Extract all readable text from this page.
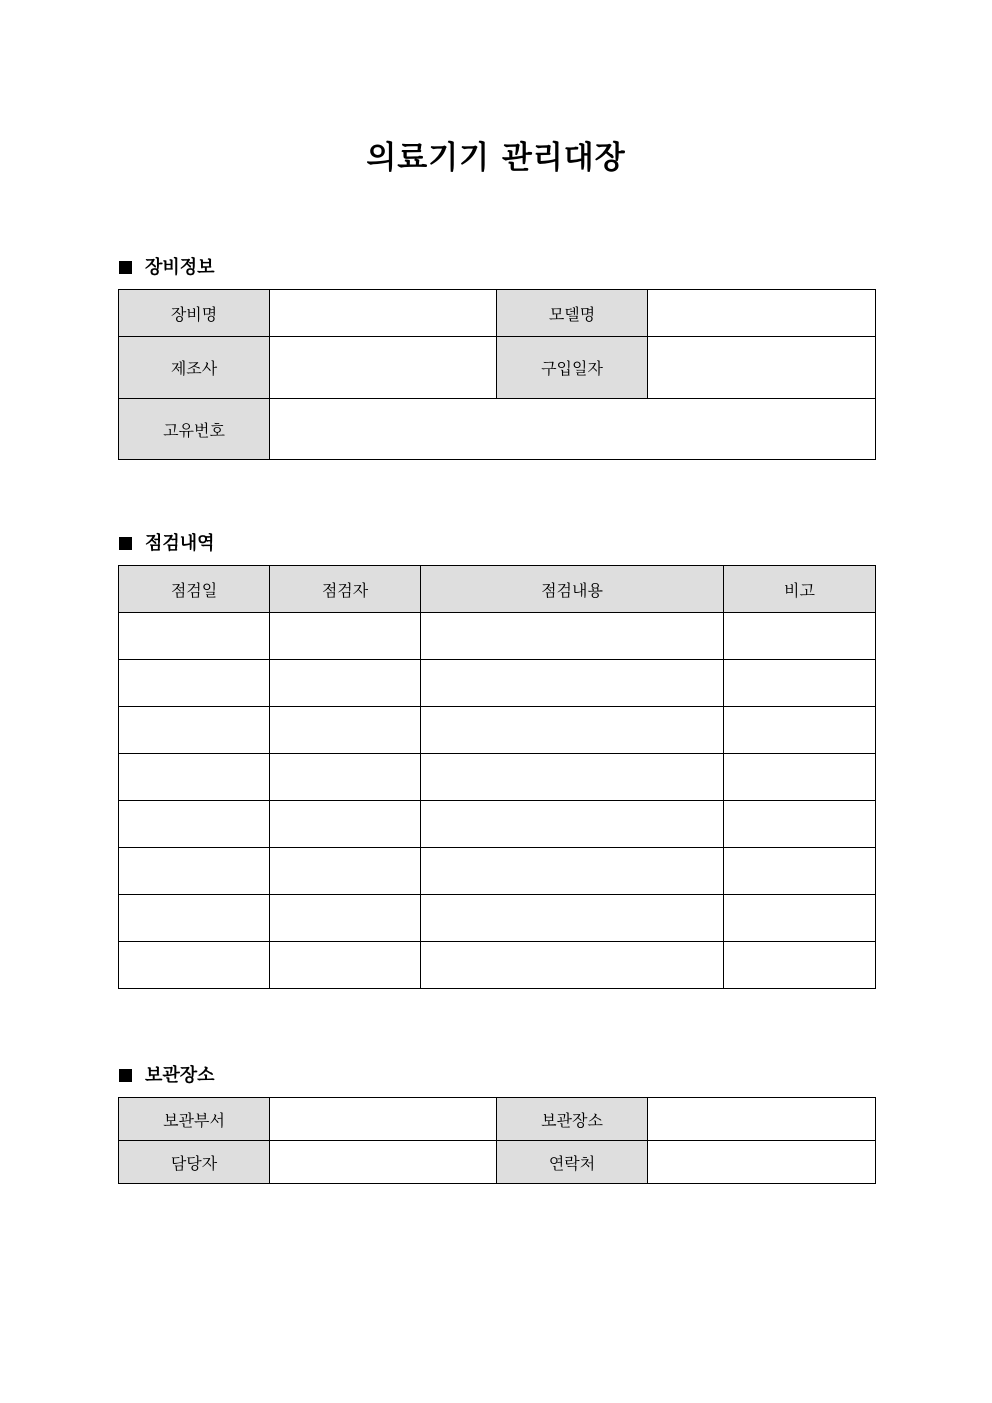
의료기기 관리대장
장비정보
장비명		모델명	
제조사		구입일자	
고유번호			
점검내역
점검일	점검자	점검내용	비고

보관장소
보관부서		보관장소	
담당자		연락처	
